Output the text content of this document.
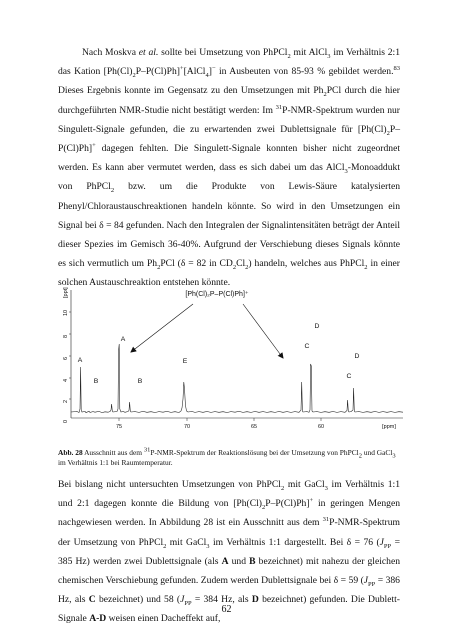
Nach Moskva et al. sollte bei Umsetzung von PhPCl$_2$ mit AlCl$_3$ im Verhältnis 2:1 das Kation $[Ph(Cl)_2P-P(Cl)Ph]^+[AlCl_4]^-$ in Ausbeuten von 85-93 % gebildet werden.$^{83}$ Dieses Ergebnis konnte im Gegensatz zu den Umsetzungen mit $Ph_2PCl$ durch die hier durchgeführten NMR-Studie nicht bestätigt werden: Im $^{31}$P-NMR-Spektrum wurden nur Singulett-Signale gefunden, die zu erwartenden zwei Dublettsignale für $[Ph(Cl)_2P-P(Cl)Ph]^+$ dagegen fehlten. Die Singulett-Signale konnten bisher nicht zugeordnet werden. Es kann aber vermutet werden, dass es sich dabei um das AlCl$_3$-Monoaddukt von PhPCl$_2$ bzw. um die Produkte von Lewis-Säure katalysierten Phenyl/Chloraustauschreaktionen handeln könnte. So wird in den Umsetzungen ein Signal bei δ = 84 gefunden. Nach den Integralen der Signalintensitäten beträgt der Anteil dieser Spezies im Gemisch 36-40%. Aufgrund der Verschiebung dieses Signals könnte es sich vermutlich um $Ph_2PCl$ (δ = 82 in $CD_2Cl_2$) handeln, welches aus PhPCl$_2$ in einer solchen Austauschreaktion entstehen könnte.

[ppt]
10
8
6
4
2
0
75	70	65	60	[ppm]
A
B
A
B
E
C
D
C
D
[Ph(Cl)₂P–P(Cl)Ph]⁺

Abb. 28 Ausschnitt aus dem $^{31}$P-NMR-Spektrum der Reaktionslösung bei der Umsetzung von PhPCl$_2$ und GaCl$_3$ im Verhältnis 1:1 bei Raumtemperatur.

Bei bislang nicht untersuchten Umsetzungen von PhPCl$_2$ mit GaCl$_3$ im Verhältnis 1:1 und 2:1 dagegen konnte die Bildung von $[Ph(Cl)_2P-P(Cl)Ph]^+$ in geringen Mengen nachgewiesen werden. In Abbildung 28 ist ein Ausschnitt aus dem $^{31}$P-NMR-Spektrum der Umsetzung von PhPCl$_2$ mit GaCl$_3$ im Verhältnis 1:1 dargestellt. Bei δ = 76 ($J_{PP} = 385$ Hz) werden zwei Dublettsignale (als A und B bezeichnet) mit nahezu der gleichen chemischen Verschiebung gefunden. Zudem werden Dublettsignale bei δ = 59 ($J_{PP} = 386$ Hz, als C bezeichnet) und 58 ($J_{PP} = 384$ Hz, als D bezeichnet) gefunden. Die Dublett-Signale A-D weisen einen Dacheffekt auf,

62
